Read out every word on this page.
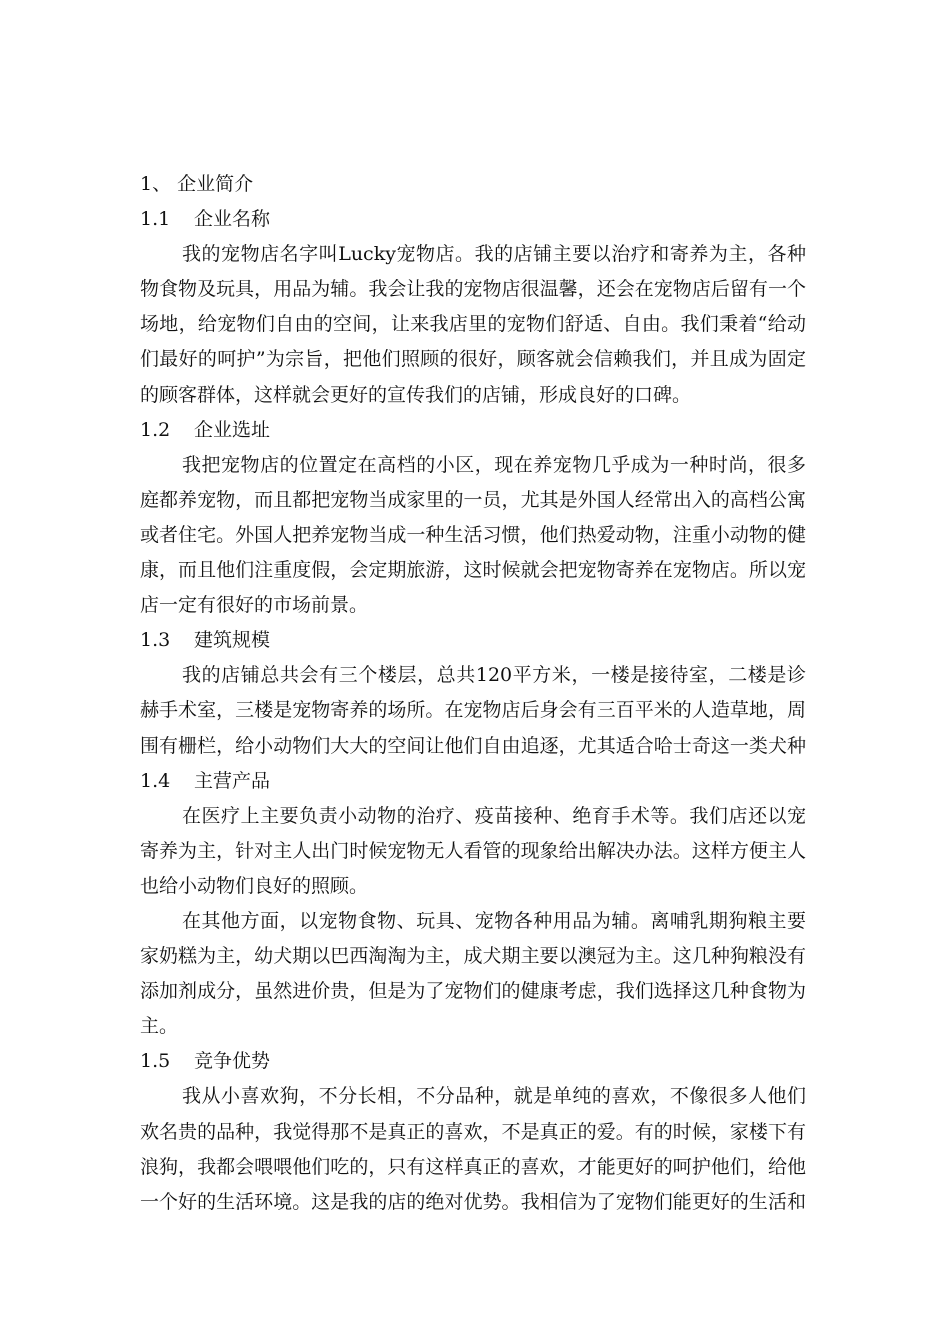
1、 企业简介
1.1 企业名称
我的宠物店名字叫Lucky宠物店。我的店铺主要以治疗和寄养为主，各种
物食物及玩具，用品为辅。我会让我的宠物店很温馨，还会在宠物店后留有一个
场地，给宠物们自由的空间，让来我店里的宠物们舒适、自由。我们秉着“给动
们最好的呵护”为宗旨，把他们照顾的很好，顾客就会信赖我们，并且成为固定
的顾客群体，这样就会更好的宣传我们的店铺，形成良好的口碑。
1.2 企业选址
我把宠物店的位置定在高档的小区，现在养宠物几乎成为一种时尚，很多
庭都养宠物，而且都把宠物当成家里的一员，尤其是外国人经常出入的高档公寓
或者住宅。外国人把养宠物当成一种生活习惯，他们热爱动物，注重小动物的健
康，而且他们注重度假，会定期旅游，这时候就会把宠物寄养在宠物店。所以宠
店一定有很好的市场前景。
1.3 建筑规模
我的店铺总共会有三个楼层，总共120平方米，一楼是接待室，二楼是诊
赫手术室，三楼是宠物寄养的场所。在宠物店后身会有三百平米的人造草地，周
围有栅栏，给小动物们大大的空间让他们自由追逐，尤其适合哈士奇这一类犬种
1.4 主营产品
在医疗上主要负责小动物的治疗、疫苗接种、绝育手术等。我们店还以宠
寄养为主，针对主人出门时候宠物无人看管的现象给出解决办法。这样方便主人
也给小动物们良好的照顾。
在其他方面，以宠物食物、玩具、宠物各种用品为辅。离哺乳期狗粮主要
家奶糕为主，幼犬期以巴西淘淘为主，成犬期主要以澳冠为主。这几种狗粮没有
添加剂成分，虽然进价贵，但是为了宠物们的健康考虑，我们选择这几种食物为
主。
1.5 竞争优势
我从小喜欢狗，不分长相，不分品种，就是单纯的喜欢，不像很多人他们
欢名贵的品种，我觉得那不是真正的喜欢，不是真正的爱。有的时候，家楼下有
浪狗，我都会喂喂他们吃的，只有这样真正的喜欢，才能更好的呵护他们，给他
一个好的生活环境。这是我的店的绝对优势。我相信为了宠物们能更好的生活和
